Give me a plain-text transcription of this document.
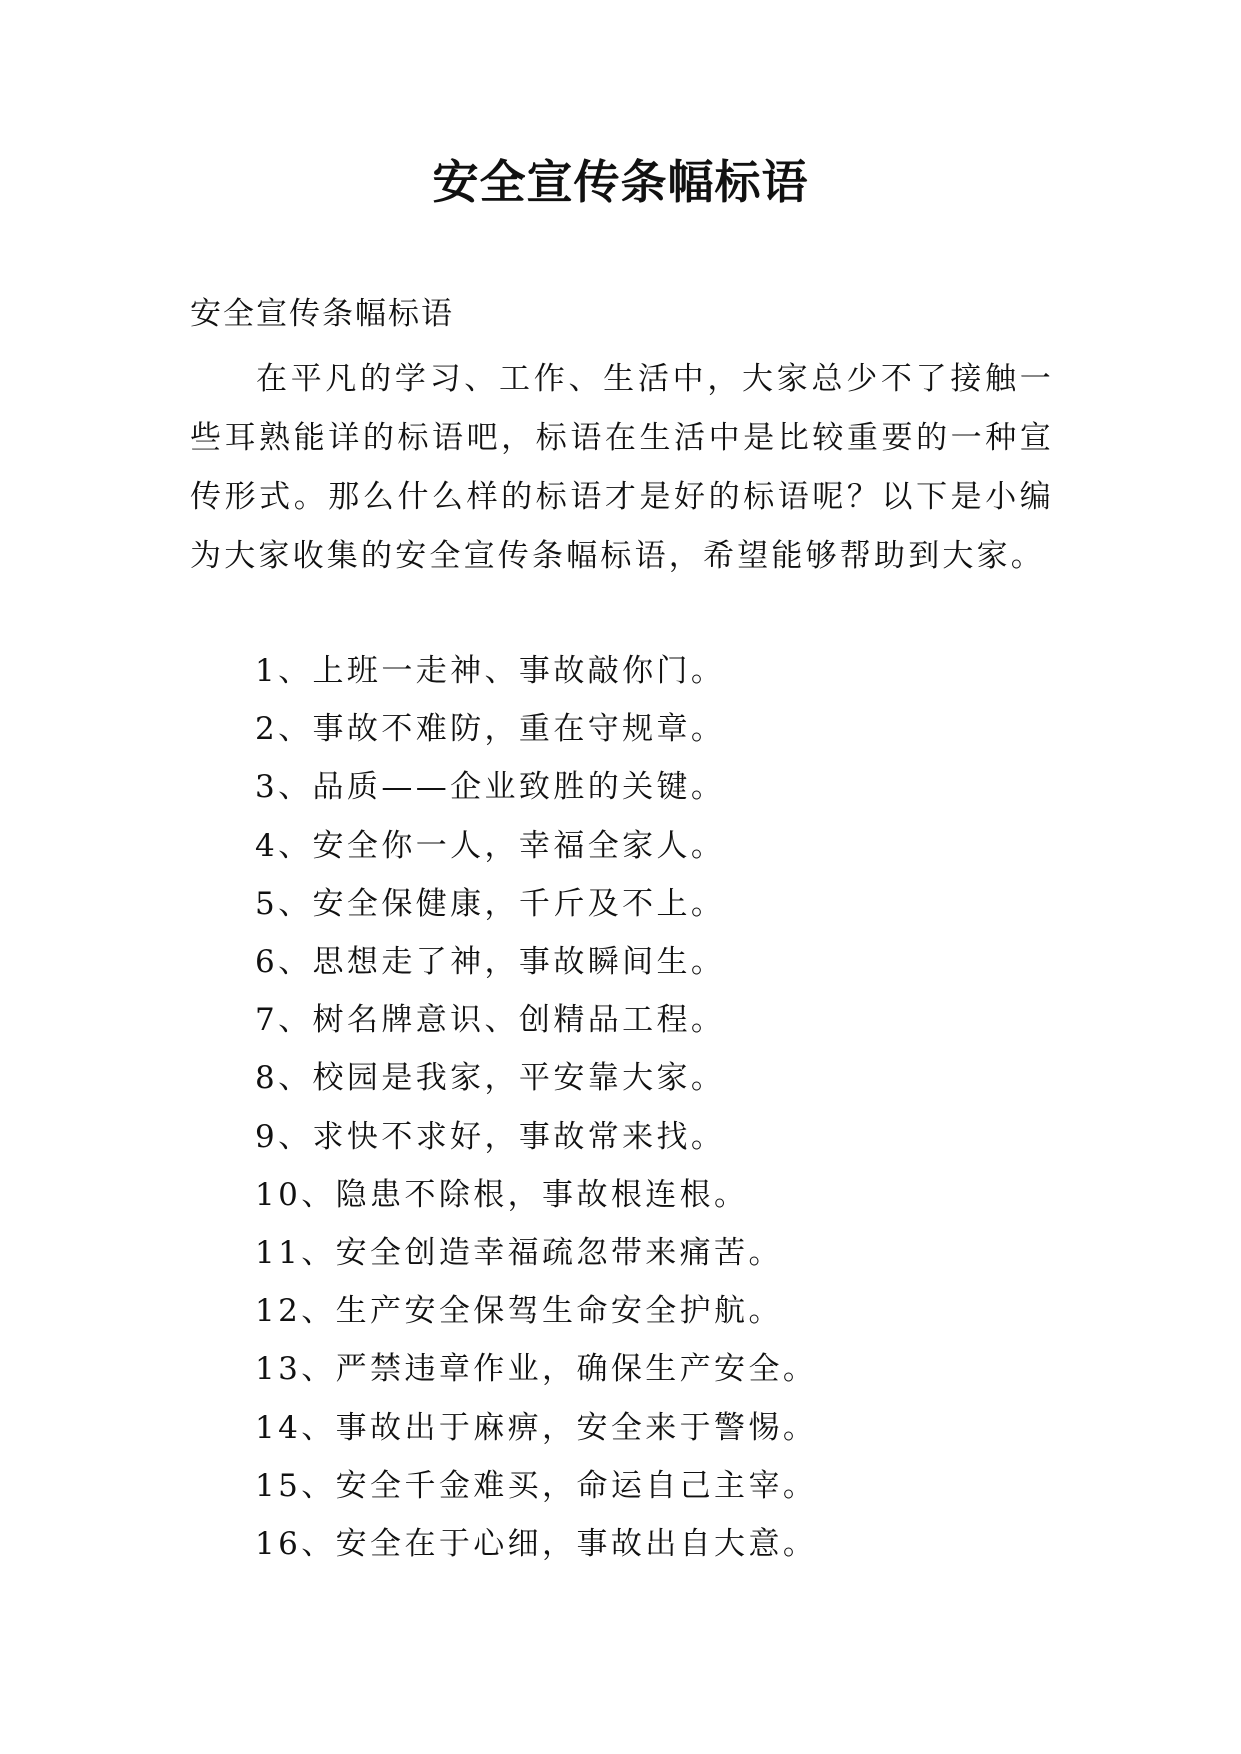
安全宣传条幅标语
安全宣传条幅标语

在平凡的学习、工作、生活中，大家总少不了接触一些耳熟能详的标语吧，标语在生活中是比较重要的一种宣传形式。那么什么样的标语才是好的标语呢？以下是小编为大家收集的安全宣传条幅标语，希望能够帮助到大家。

1、上班一走神、事故敲你门。
2、事故不难防，重在守规章。
3、品质——企业致胜的关键。
4、安全你一人，幸福全家人。
5、安全保健康，千斤及不上。
6、思想走了神，事故瞬间生。
7、树名牌意识、创精品工程。
8、校园是我家，平安靠大家。
9、求快不求好，事故常来找。
10、隐患不除根，事故根连根。
11、安全创造幸福疏忽带来痛苦。
12、生产安全保驾生命安全护航。
13、严禁违章作业，确保生产安全。
14、事故出于麻痹，安全来于警惕。
15、安全千金难买，命运自己主宰。
16、安全在于心细，事故出自大意。
